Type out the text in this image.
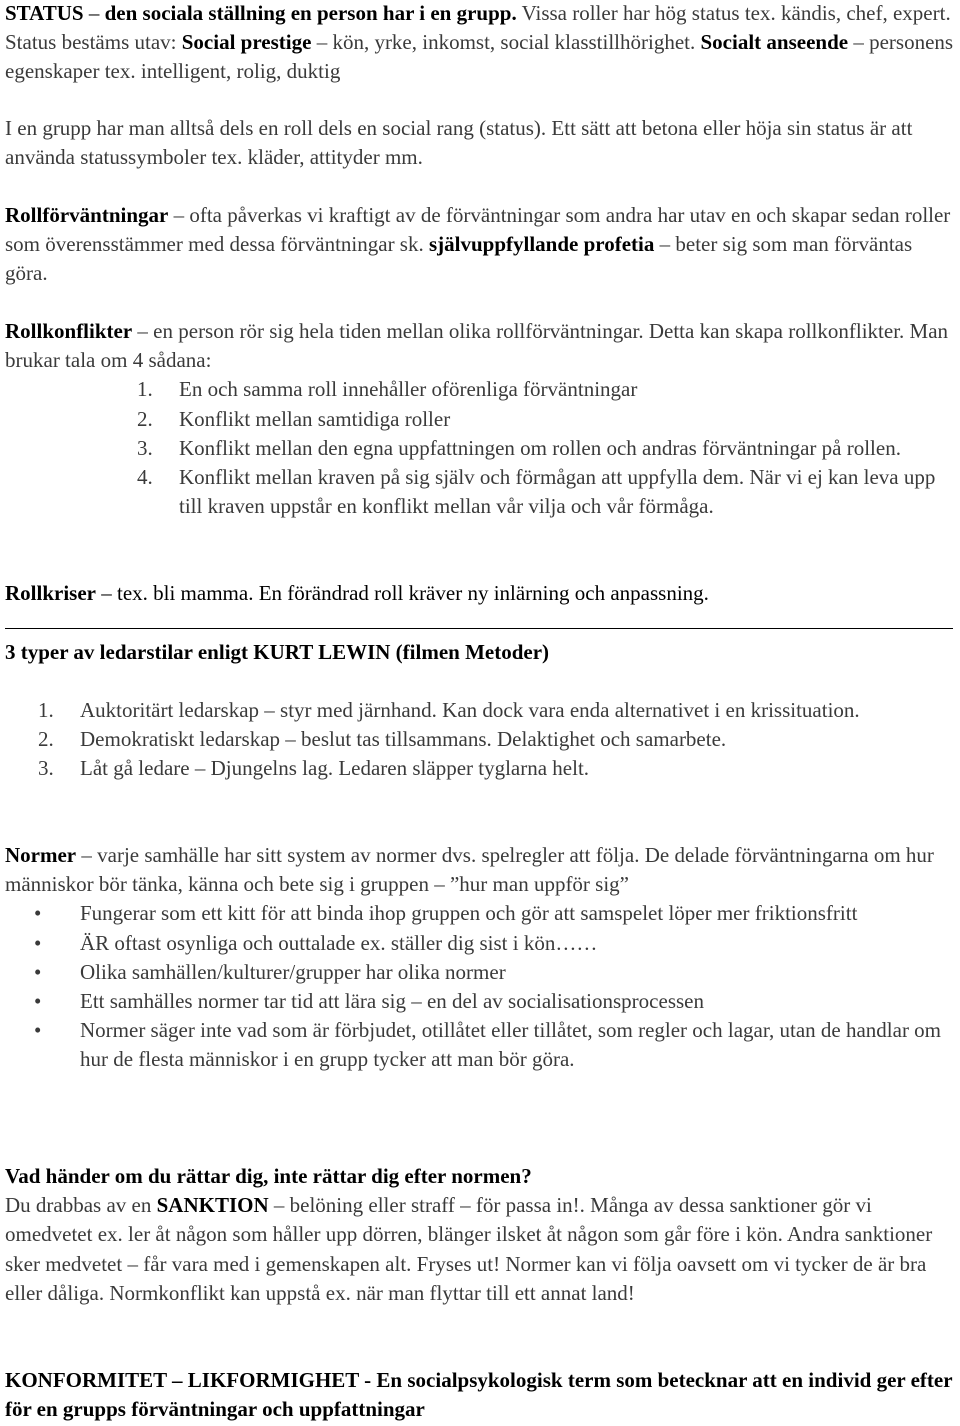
STATUS – den sociala ställning en person har i en grupp. Vissa roller har hög status tex. kändis, chef, expert. Status bestäms utav: Social prestige – kön, yrke, inkomst, social klasstillhörighet. Socialt anseende – personens egenskaper tex. intelligent, rolig, duktig

I en grupp har man alltså dels en roll dels en social rang (status). Ett sätt att betona eller höja sin status är att använda statussymboler tex. kläder, attityder mm.

Rollförväntningar – ofta påverkas vi kraftigt av de förväntningar som andra har utav en och skapar sedan roller som överensstämmer med dessa förväntningar sk. självuppfyllande profetia – beter sig som man förväntas göra.

Rollkonflikter – en person rör sig hela tiden mellan olika rollförväntningar. Detta kan skapa rollkonflikter. Man brukar tala om 4 sådana:

1.	En och samma roll innehåller oförenliga förväntningar
2.	Konflikt mellan samtidiga roller
3.	Konflikt mellan den egna uppfattningen om rollen och andras förväntningar på rollen.
4.	Konflikt mellan kraven på sig själv och förmågan att uppfylla dem. När vi ej kan leva upp till kraven uppstår en konflikt mellan vår vilja och vår förmåga.

Rollkriser – tex. bli mamma. En förändrad roll kräver ny inlärning och anpassning.

3 typer av ledarstilar enligt KURT LEWIN (filmen Metoder)

1.	Auktoritärt ledarskap – styr med järnhand. Kan dock vara enda alternativet i en krissituation.
2.	Demokratiskt ledarskap – beslut tas tillsammans. Delaktighet och samarbete.
3.	Låt gå ledare – Djungelns lag. Ledaren släpper tyglarna helt.

Normer – varje samhälle har sitt system av normer dvs. spelregler att följa. De delade förväntningarna om hur människor bör tänka, känna och bete sig i gruppen – ”hur man uppför sig”

•	Fungerar som ett kitt för att binda ihop gruppen och gör att samspelet löper mer friktionsfritt
•	ÄR oftast osynliga och outtalade ex. ställer dig sist i kön……
•	Olika samhällen/kulturer/grupper har olika normer
•	Ett samhälles normer tar tid att lära sig – en del av socialisationsprocessen
•	Normer säger inte vad som är förbjudet, otillåtet eller tillåtet, som regler och lagar, utan de handlar om hur de flesta människor i en grupp tycker att man bör göra.

Vad händer om du rättar dig, inte rättar dig efter normen?

Du drabbas av en SANKTION – belöning eller straff – för passa in!. Många av dessa sanktioner gör vi omedvetet ex. ler åt någon som håller upp dörren, blänger ilsket åt någon som går före i kön. Andra sanktioner sker medvetet – får vara med i gemenskapen alt. Fryses ut! Normer kan vi följa oavsett om vi tycker de är bra eller dåliga. Normkonflikt kan uppstå ex. när man flyttar till ett annat land!

KONFORMITET – LIKFORMIGHET - En socialpsykologisk term som betecknar att en individ ger efter för en grupps förväntningar och uppfattningar
